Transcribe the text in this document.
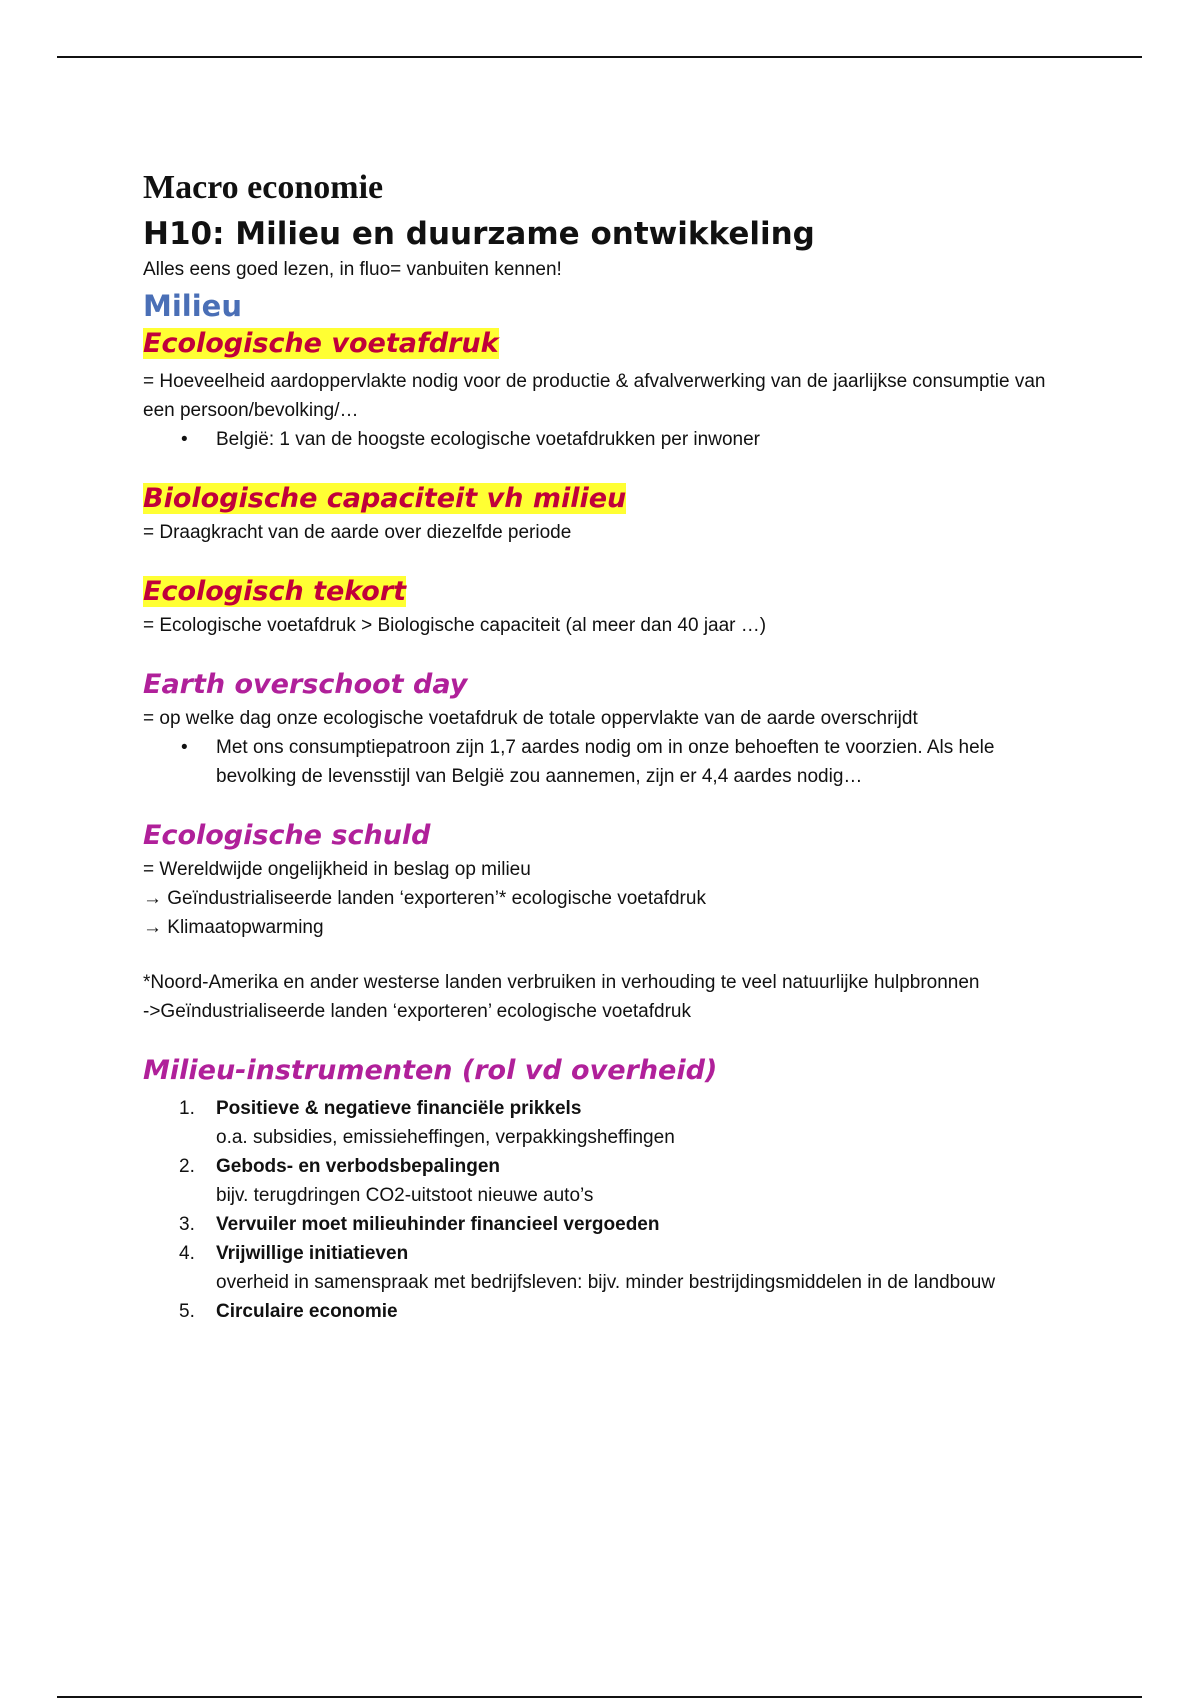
Macro economie
H10: Milieu en duurzame ontwikkeling

Alles eens goed lezen, in fluo= vanbuiten kennen!

Milieu
Ecologische voetafdruk

= Hoeveelheid aardoppervlakte nodig voor de productie & afvalverwerking van de jaarlijkse consumptie van een persoon/bevolking/…

• België: 1 van de hoogste ecologische voetafdrukken per inwoner
Biologische capaciteit vh milieu

= Draagkracht van de aarde over diezelfde periode

Ecologisch tekort

= Ecologische voetafdruk > Biologische capaciteit (al meer dan 40 jaar …)

Earth overschoot day

= op welke dag onze ecologische voetafdruk de totale oppervlakte van de aarde overschrijdt

• Met ons consumptiepatroon zijn 1,7 aardes nodig om in onze behoeften te voorzien. Als hele bevolking de levensstijl van België zou aannemen, zijn er 4,4 aardes nodig…
Ecologische schuld

= Wereldwijde ongelijkheid in beslag op milieu

→ Geïndustrialiseerde landen ‘exporteren’* ecologische voetafdruk

→ Klimaatopwarming

*Noord-Amerika en ander westerse landen verbruiken in verhouding te veel natuurlijke hulpbronnen

->Geïndustrialiseerde landen ‘exporteren’ ecologische voetafdruk

Milieu-instrumenten (rol vd overheid)
1. Positieve & negatieve financiële prikkels
o.a. subsidies, emissieheffingen, verpakkingsheffingen
2. Gebods- en verbodsbepalingen
bijv. terugdringen CO2-uitstoot nieuwe auto’s
3. Vervuiler moet milieuhinder financieel vergoeden
4. Vrijwillige initiatieven
overheid in samenspraak met bedrijfsleven: bijv. minder bestrijdingsmiddelen in de landbouw
5. Circulaire economie
